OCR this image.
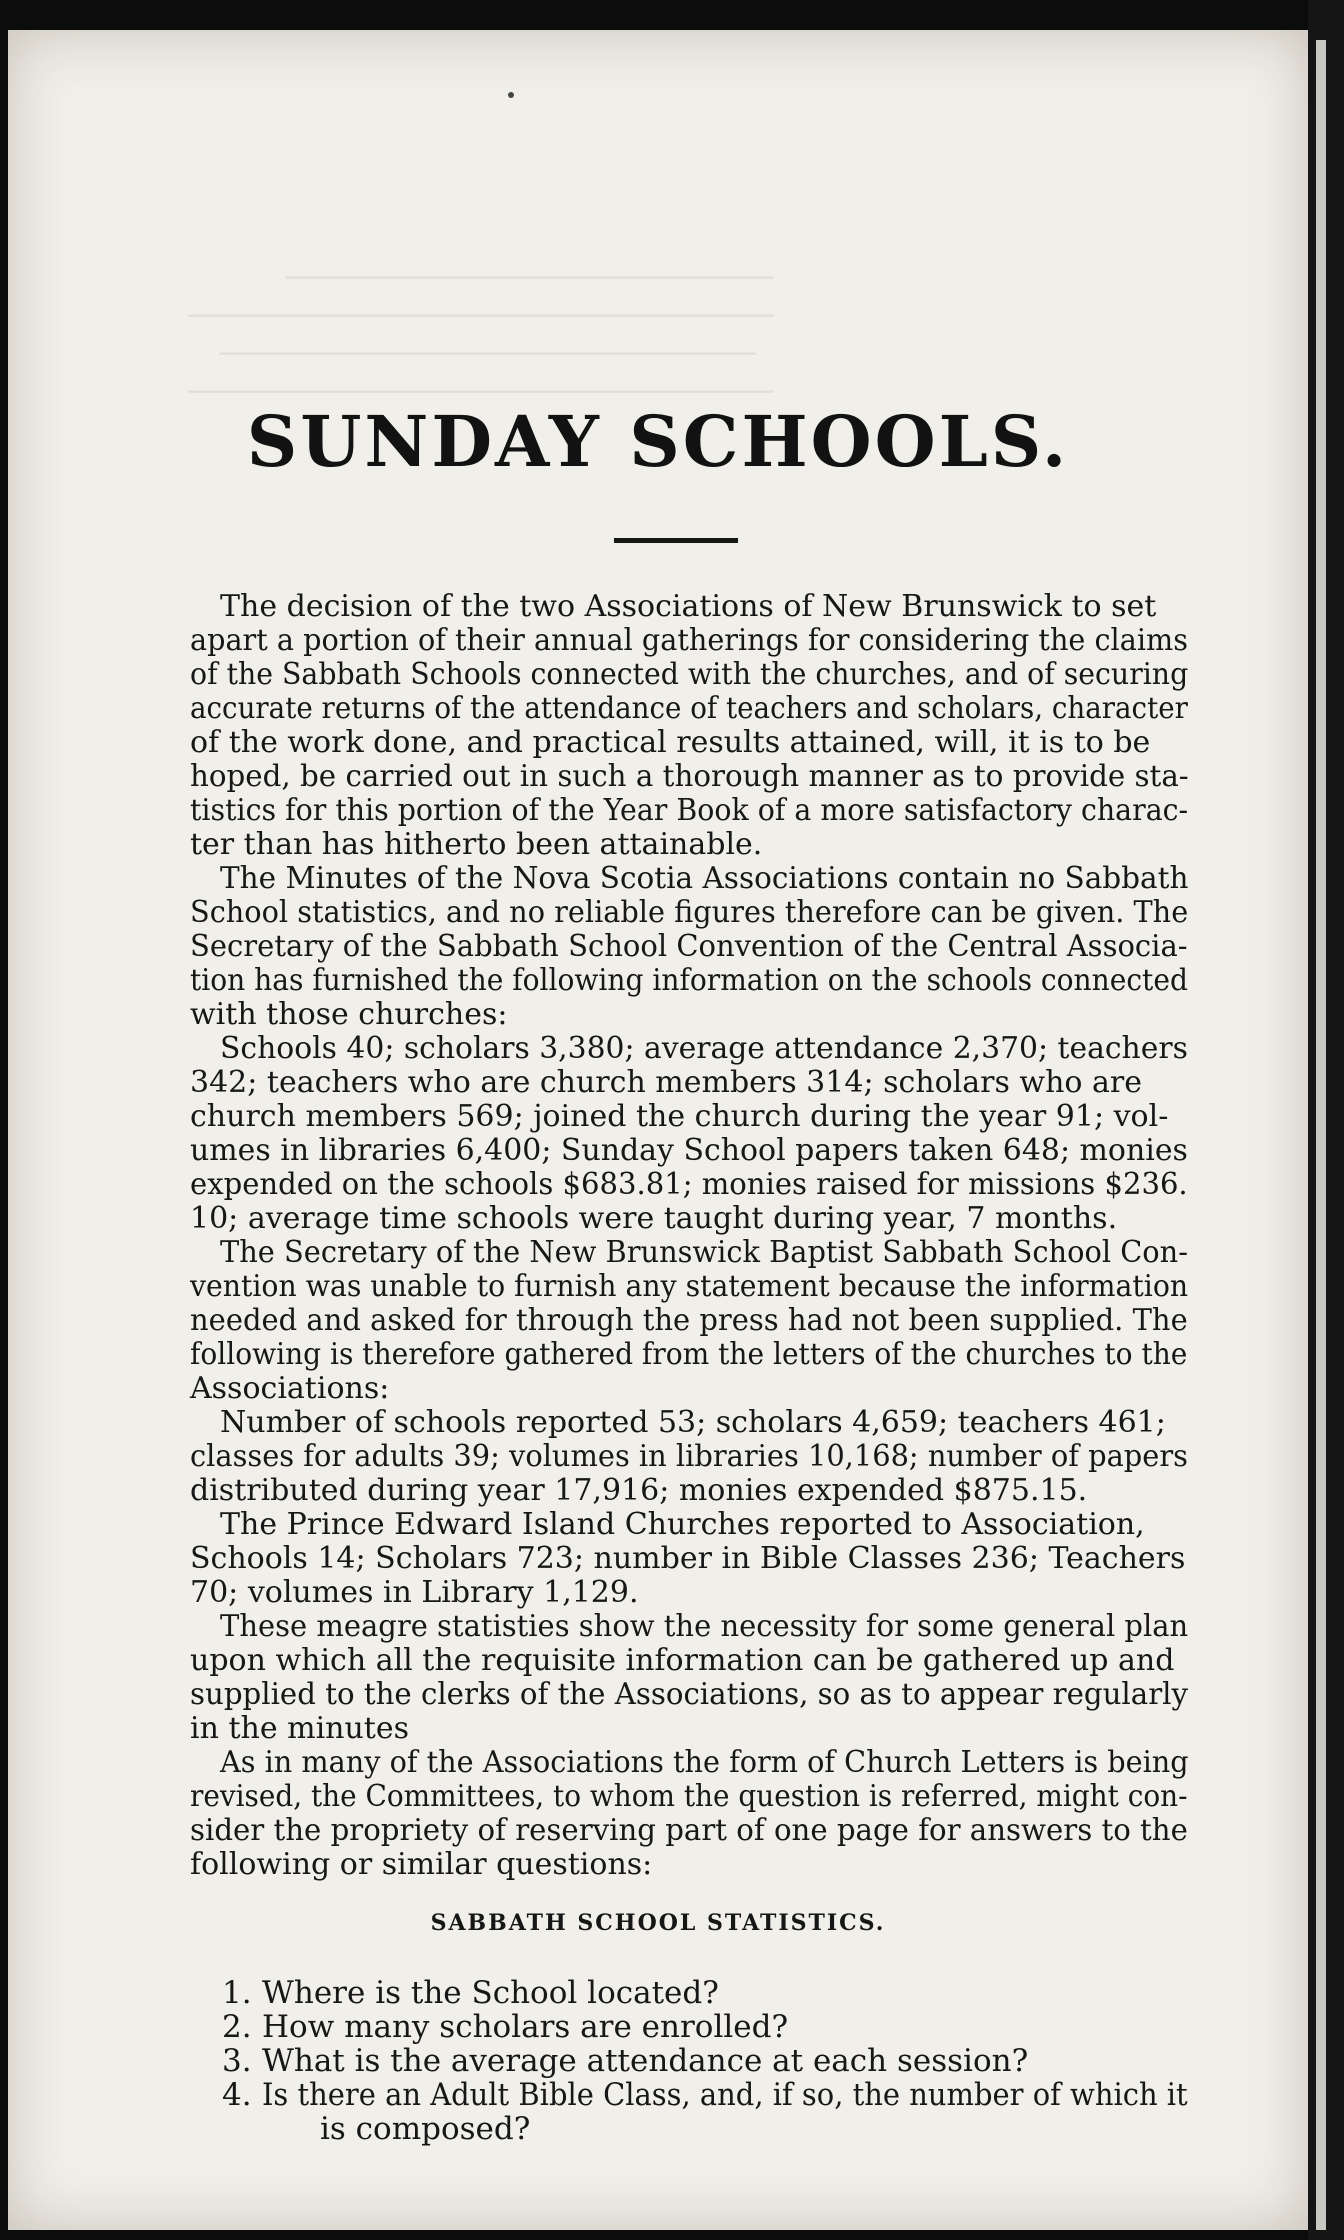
──────────────────────────────
────────────────────────────────────
─────────────────────────────────
────────────────────────────────────
SUNDAY SCHOOLS.
The decision of the two Associations of New Brunswick to set
apart a portion of their annual gatherings for considering the claims
of the Sabbath Schools connected with the churches, and of securing
accurate returns of the attendance of teachers and scholars, character
of the work done, and practical results attained, will, it is to be
hoped, be carried out in such a thorough manner as to provide sta-
tistics for this portion of the Year Book of a more satisfactory charac-
ter than has hitherto been attainable.
The Minutes of the Nova Scotia Associations contain no Sabbath
School statistics, and no reliable figures therefore can be given. The
Secretary of the Sabbath School Convention of the Central Associa-
tion has furnished the following information on the schools connected
with those churches:
Schools 40; scholars 3,380; average attendance 2,370; teachers
342; teachers who are church members 314; scholars who are
church members 569; joined the church during the year 91; vol-
umes in libraries 6,400; Sunday School papers taken 648; monies
expended on the schools $683.81; monies raised for missions $236.
10; average time schools were taught during year, 7 months.
The Secretary of the New Brunswick Baptist Sabbath School Con-
vention was unable to furnish any statement because the information
needed and asked for through the press had not been supplied. The
following is therefore gathered from the letters of the churches to the
Associations:
Number of schools reported 53; scholars 4,659; teachers 461;
classes for adults 39; volumes in libraries 10,168; number of papers
distributed during year 17,916; monies expended $875.15.
The Prince Edward Island Churches reported to Association,
Schools 14; Scholars 723; number in Bible Classes 236; Teachers
70; volumes in Library 1,129.
These meagre statisties show the necessity for some general plan
upon which all the requisite information can be gathered up and
supplied to the clerks of the Associations, so as to appear regularly
in the minutes
As in many of the Associations the form of Church Letters is being
revised, the Committees, to whom the question is referred, might con-
sider the propriety of reserving part of one page for answers to the
following or similar questions:
SABBATH SCHOOL STATISTICS.
1. Where is the School located?
2. How many scholars are enrolled?
3. What is the average attendance at each session?
4. Is there an Adult Bible Class, and, if so, the number of which it
is composed?
